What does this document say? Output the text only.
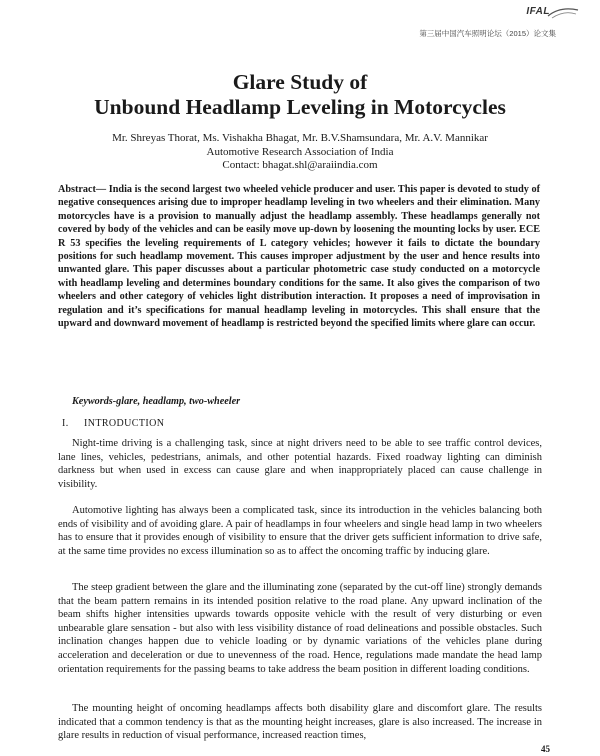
IFAL
第三届中国汽车照明论坛（2015）论文集
Glare Study of
Unbound Headlamp Leveling in Motorcycles
Mr. Shreyas Thorat, Ms. Vishakha Bhagat, Mr. B.V.Shamsundara, Mr. A.V. Mannikar
Automotive Research Association of India
Contact: bhagat.shl@araiindia.com

Abstract— India is the second largest two wheeled vehicle producer and user. This paper is devoted to study of negative consequences arising due to improper headlamp leveling in two wheelers and their elimination. Many motorcycles have is a provision to manually adjust the headlamp assembly. These headlamps generally not covered by body of the vehicles and can be easily move up-down by loosening the mounting locks by user. ECE R 53 specifies the leveling requirements of L category vehicles; however it fails to dictate the boundary positions for such headlamp movement. This causes improper adjustment by the user and hence results into unwanted glare. This paper discusses about a particular photometric case study conducted on a motorcycle with headlamp leveling and determines boundary conditions for the same. It also gives the comparison of two wheelers and other category of vehicles light distribution interaction. It proposes a need of improvisation in regulation and it’s specifications for manual headlamp leveling in motorcycles. This shall ensure that the upward and downward movement of headlamp is restricted beyond the specified limits where glare can occur.

Keywords-glare, headlamp, two-wheeler
I. INTRODUCTION

Night-time driving is a challenging task, since at night drivers need to be able to see traffic control devices, lane lines, vehicles, pedestrians, animals, and other potential hazards. Fixed roadway lighting can diminish darkness but when used in excess can cause glare and when inappropriately placed can cause challenge in visibility.

Automotive lighting has always been a complicated task, since its introduction in the vehicles balancing both ends of visibility and of avoiding glare. A pair of headlamps in four wheelers and single head lamp in two wheelers has to ensure that it provides enough of visibility to ensure that the driver gets sufficient information to drive safe, at the same time provides no excess illumination so as to affect the oncoming traffic by inducing glare.

The steep gradient between the glare and the illuminating zone (separated by the cut-off line) strongly demands that the beam pattern remains in its intended position relative to the road plane. Any upward inclination of the beam shifts higher intensities upwards towards opposite vehicle with the result of very disturbing or even unbearable glare sensation - but also with less visibility distance of road delineations and possible obstacles. Such inclination changes happen due to vehicle loading or by dynamic variations of the vehicles plane during acceleration and deceleration or due to unevenness of the road. Hence, regulations made mandate the head lamp orientation requirements for the passing beams to take address the beam position in different loading conditions.

The mounting height of oncoming headlamps affects both disability glare and discomfort glare. The results indicated that a common tendency is that as the mounting height increases, glare is also increased. The increase in glare results in reduction of visual performance, increased reaction times,

45
